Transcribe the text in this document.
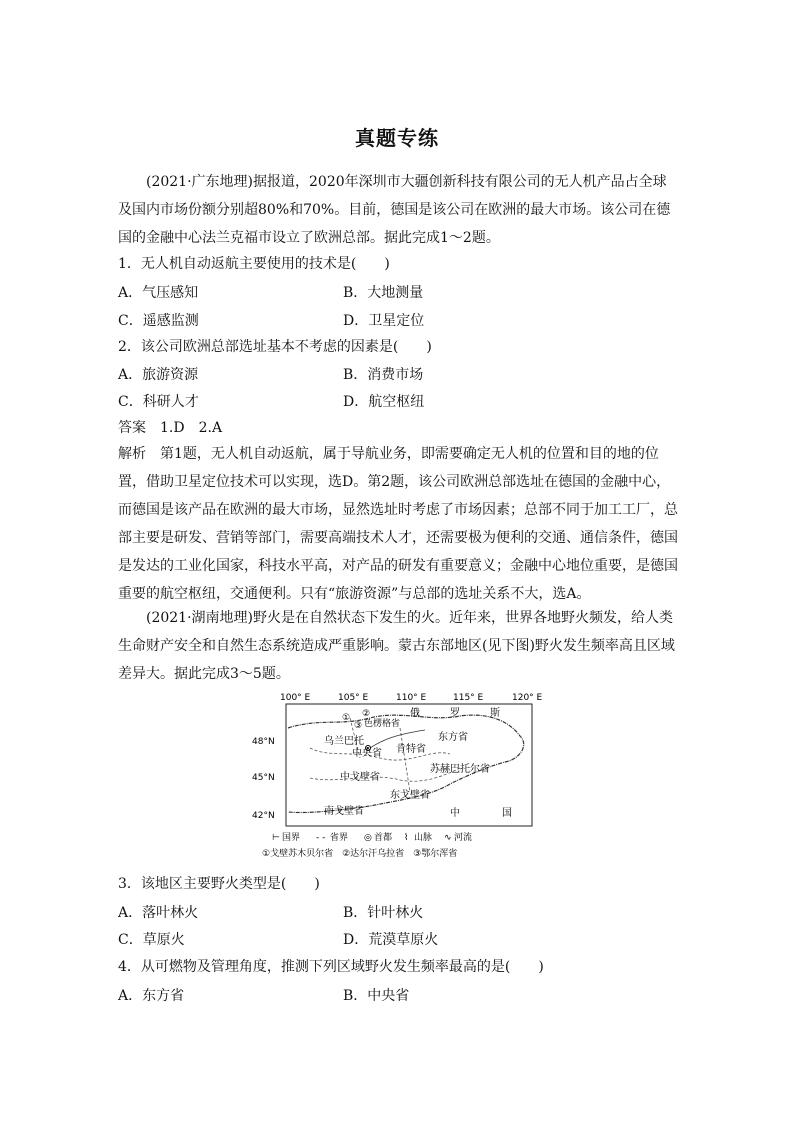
真题专练

(2021·广东地理)据报道，2020年深圳市大疆创新科技有限公司的无人机产品占全球及国内市场份额分别超80%和70%。目前，德国是该公司在欧洲的最大市场。该公司在德国的金融中心法兰克福市设立了欧洲总部。据此完成1～2题。

1．无人机自动返航主要使用的技术是(　　)
A．气压感知	B．大地测量
C．遥感监测	D．卫星定位
2．该公司欧洲总部选址基本不考虑的因素是(　　)
A．旅游资源	B．消费市场
C．科研人才	D．航空枢纽
答案 1.D　2.A

解析 第1题，无人机自动返航，属于导航业务，即需要确定无人机的位置和目的地的位置，借助卫星定位技术可以实现，选D。第2题，该公司欧洲总部选址在德国的金融中心，而德国是该产品在欧洲的最大市场，显然选址时考虑了市场因素；总部不同于加工工厂，总部主要是研发、营销等部门，需要高端技术人才，还需要极为便利的交通、通信条件，德国是发达的工业化国家，科技水平高，对产品的研发有重要意义；金融中心地位重要，是德国重要的航空枢纽，交通便利。只有“旅游资源”与总部的选址关系不大，选A。

(2021·湖南地理)野火是在自然状态下发生的火。近年来，世界各地野火频发，给人类生命财产安全和自然生态系统造成严重影响。蒙古东部地区(见下图)野火发生频率高且区域差异大。据此完成3～5题。

100° E	105° E	110° E	115° E	120° E
48°N
45°N
42°N
① ②
③
俄	罗	斯
色楞格省
乌兰巴托
中央省 肯特省
东方省
苏赫巴托尔省
中戈壁省
东戈壁省
南戈壁省	中	国
⊢ 国界 - - 省界 ◎ 首都 ⌇ 山脉 ∿ 河流
①戈壁苏木贝尔省　②达尔汗乌拉省　③鄂尔浑省
3．该地区主要野火类型是(　　)
A．落叶林火	B．针叶林火
C．草原火	D．荒漠草原火
4．从可燃物及管理角度，推测下列区域野火发生频率最高的是(　　)
A．东方省	B．中央省
